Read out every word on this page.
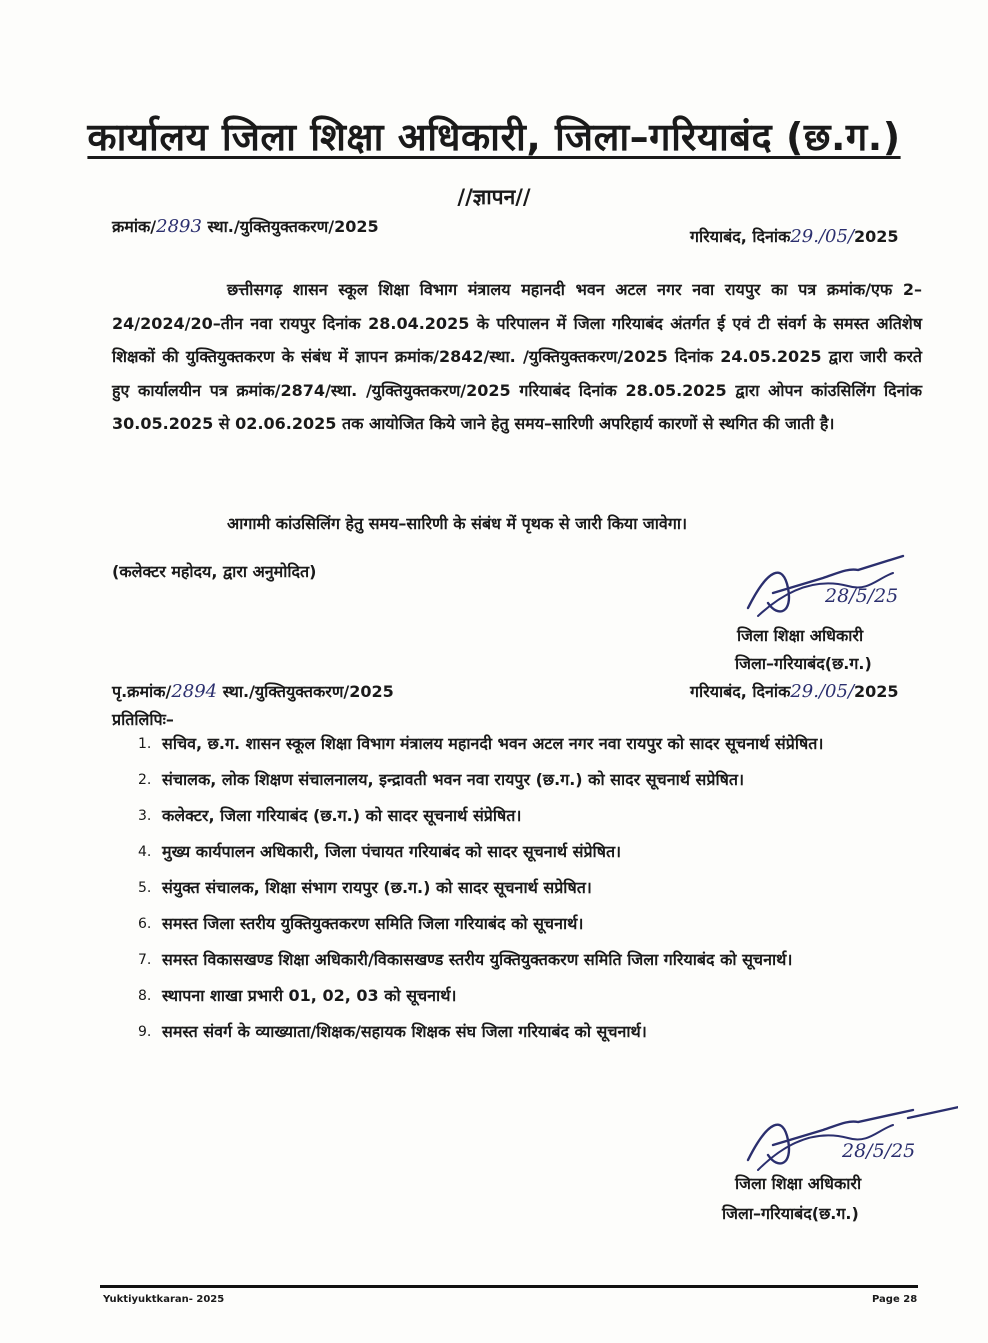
कार्यालय जिला शिक्षा अधिकारी, जिला–गरियाबंद (छ.ग.)
//ज्ञापन//
क्रमांक/2893 स्था./युक्तियुक्तकरण/2025
गरियाबंद, दिनांक29./05/2025
छत्तीसगढ़ शासन स्कूल शिक्षा विभाग मंत्रालय महानदी भवन अटल नगर नवा रायपुर का पत्र क्रमांक/एफ 2–24/2024/20–तीन नवा रायपुर दिनांक 28.04.2025 के परिपालन में जिला गरियाबंद अंतर्गत ई एवं टी संवर्ग के समस्त अतिशेष शिक्षकों की युक्तियुक्तकरण के संबंध में ज्ञापन क्रमांक/2842/स्था. /युक्तियुक्तकरण/2025 दिनांक 24.05.2025 द्वारा जारी करते हुए कार्यालयीन पत्र क्रमांक/2874/स्था. /युक्तियुक्तकरण/2025 गरियाबंद दिनांक 28.05.2025 द्वारा ओपन कांउसिलिंग दिनांक 30.05.2025 से 02.06.2025 तक आयोजित किये जाने हेतु समय–सारिणी अपरिहार्य कारणों से स्थगित की जाती है।
आगामी कांउसिलिंग हेतु समय–सारिणी के संबंध में पृथक से जारी किया जावेगा।
(कलेक्टर महोदय, द्वारा अनुमोदित)
28/5/25
जिला शिक्षा अधिकारी
जिला–गरियाबंद(छ.ग.)
पृ.क्रमांक/2894 स्था./युक्तियुक्तकरण/2025	गरियाबंद, दिनांक29./05/2025
प्रतिलिपिः–
1. सचिव, छ.ग. शासन स्कूल शिक्षा विभाग मंत्रालय महानदी भवन अटल नगर नवा रायपुर को सादर सूचनार्थ संप्रेषित।
2. संचालक, लोक शिक्षण संचालनालय, इन्द्रावती भवन नवा रायपुर (छ.ग.) को सादर सूचनार्थ सप्रेषित।
3. कलेक्टर, जिला गरियाबंद (छ.ग.) को सादर सूचनार्थ संप्रेषित।
4. मुख्य कार्यपालन अधिकारी, जिला पंचायत गरियाबंद को सादर सूचनार्थ संप्रेषित।
5. संयुक्त संचालक, शिक्षा संभाग रायपुर (छ.ग.) को सादर सूचनार्थ सप्रेषित।
6. समस्त जिला स्तरीय युक्तियुक्तकरण समिति जिला गरियाबंद को सूचनार्थ।
7. समस्त विकासखण्ड शिक्षा अधिकारी/विकासखण्ड स्तरीय युक्तियुक्तकरण समिति जिला गरियाबंद को सूचनार्थ।
8. स्थापना शाखा प्रभारी 01, 02, 03 को सूचनार्थ।
9. समस्त संवर्ग के व्याख्याता/शिक्षक/सहायक शिक्षक संघ जिला गरियाबंद को सूचनार्थ।
28/5/25
जिला शिक्षा अधिकारी
जिला–गरियाबंद(छ.ग.)
Yuktiyuktkaran- 2025	Page 28
